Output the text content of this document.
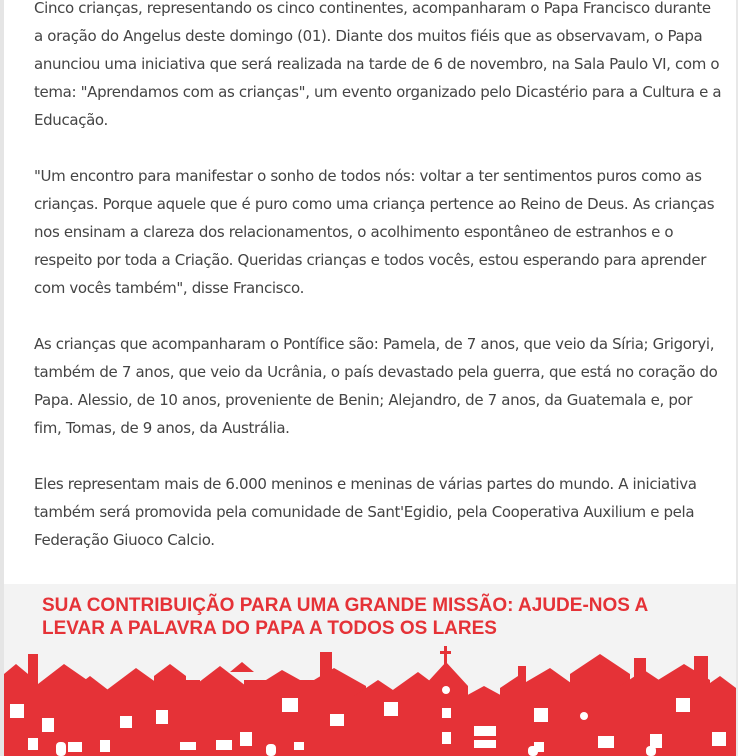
Cinco crianças, representando os cinco continentes, acompanharam o Papa Francisco durante a oração do Angelus deste domingo (01). Diante dos muitos fiéis que as observavam, o Papa anunciou uma iniciativa que será realizada na tarde de 6 de novembro, na Sala Paulo VI, com o tema: "Aprendamos com as crianças", um evento organizado pelo Dicastério para a Cultura e a Educação.

"Um encontro para manifestar o sonho de todos nós: voltar a ter sentimentos puros como as crianças. Porque aquele que é puro como uma criança pertence ao Reino de Deus. As crianças nos ensinam a clareza dos relacionamentos, o acolhimento espontâneo de estranhos e o respeito por toda a Criação. Queridas crianças e todos vocês, estou esperando para aprender com vocês também", disse Francisco.

As crianças que acompanharam o Pontífice são: Pamela, de 7 anos, que veio da Síria; Grigoryi, também de 7 anos, que veio da Ucrânia, o país devastado pela guerra, que está no coração do Papa. Alessio, de 10 anos, proveniente de Benin; Alejandro, de 7 anos, da Guatemala e, por fim, Tomas, de 9 anos, da Austrália.

Eles representam mais de 6.000 meninos e meninas de várias partes do mundo. A iniciativa também será promovida pela comunidade de Sant'Egidio, pela Cooperativa Auxilium e pela Federação Giuoco Calcio.

SUA CONTRIBUIÇÃO PARA UMA GRANDE MISSÃO: AJUDE-NOS A LEVAR A PALAVRA DO PAPA A TODOS OS LARES
